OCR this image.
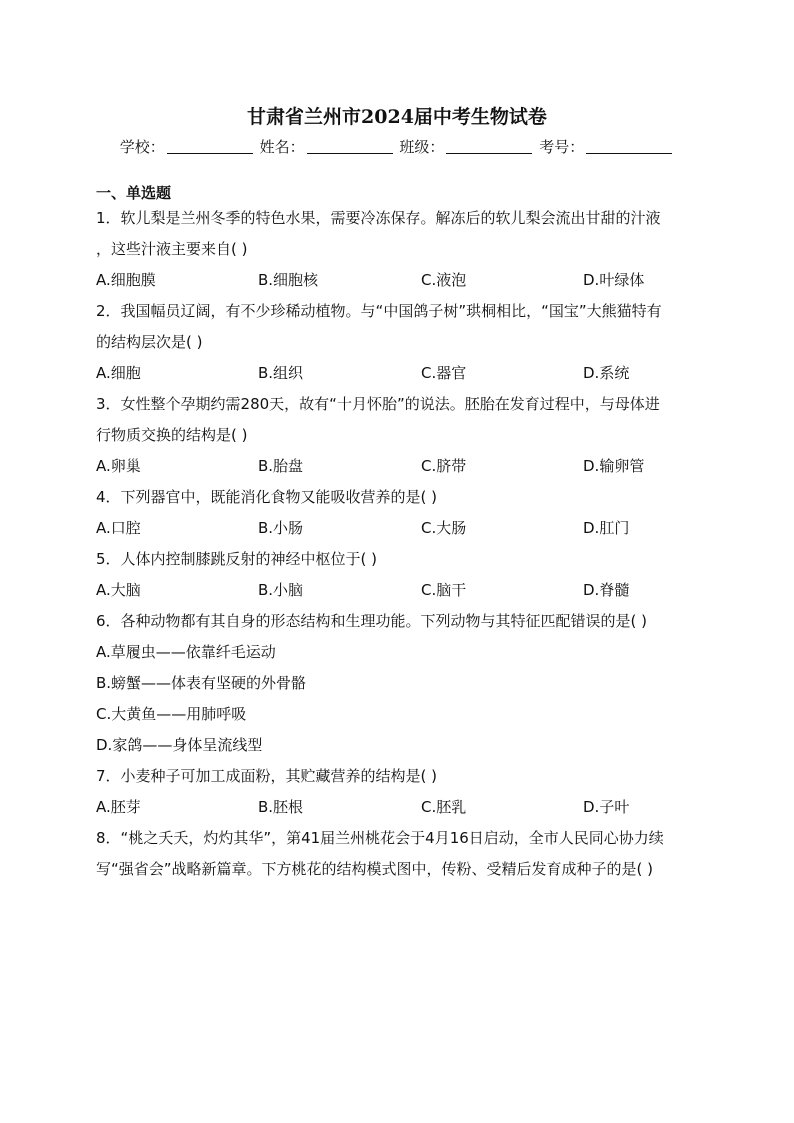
甘肃省兰州市2024届中考生物试卷
学校：	姓名：	班级：	考号：
一、单选题
1．软儿梨是兰州冬季的特色水果，需要冷冻保存。解冻后的软儿梨会流出甘甜的汁液
，这些汁液主要来自( )
A.细胞膜	B.细胞核	C.液泡	D.叶绿体
2．我国幅员辽阔，有不少珍稀动植物。与“中国鸽子树”珙桐相比，“国宝”大熊猫特有
的结构层次是( )
A.细胞	B.组织	C.器官	D.系统
3．女性整个孕期约需280天，故有“十月怀胎”的说法。胚胎在发育过程中，与母体进
行物质交换的结构是( )
A.卵巢	B.胎盘	C.脐带	D.输卵管
4．下列器官中，既能消化食物又能吸收营养的是( )
A.口腔	B.小肠	C.大肠	D.肛门
5．人体内控制膝跳反射的神经中枢位于( )
A.大脑	B.小脑	C.脑干	D.脊髓
6．各种动物都有其自身的形态结构和生理功能。下列动物与其特征匹配错误的是( )
A.草履虫——依靠纤毛运动
B.螃蟹——体表有坚硬的外骨骼
C.大黄鱼——用肺呼吸
D.家鸽——身体呈流线型
7．小麦种子可加工成面粉，其贮藏营养的结构是( )
A.胚芽	B.胚根	C.胚乳	D.子叶
8．“桃之夭夭，灼灼其华”，第41届兰州桃花会于4月16日启动，全市人民同心协力续
写“强省会”战略新篇章。下方桃花的结构模式图中，传粉、受精后发育成种子的是( )
